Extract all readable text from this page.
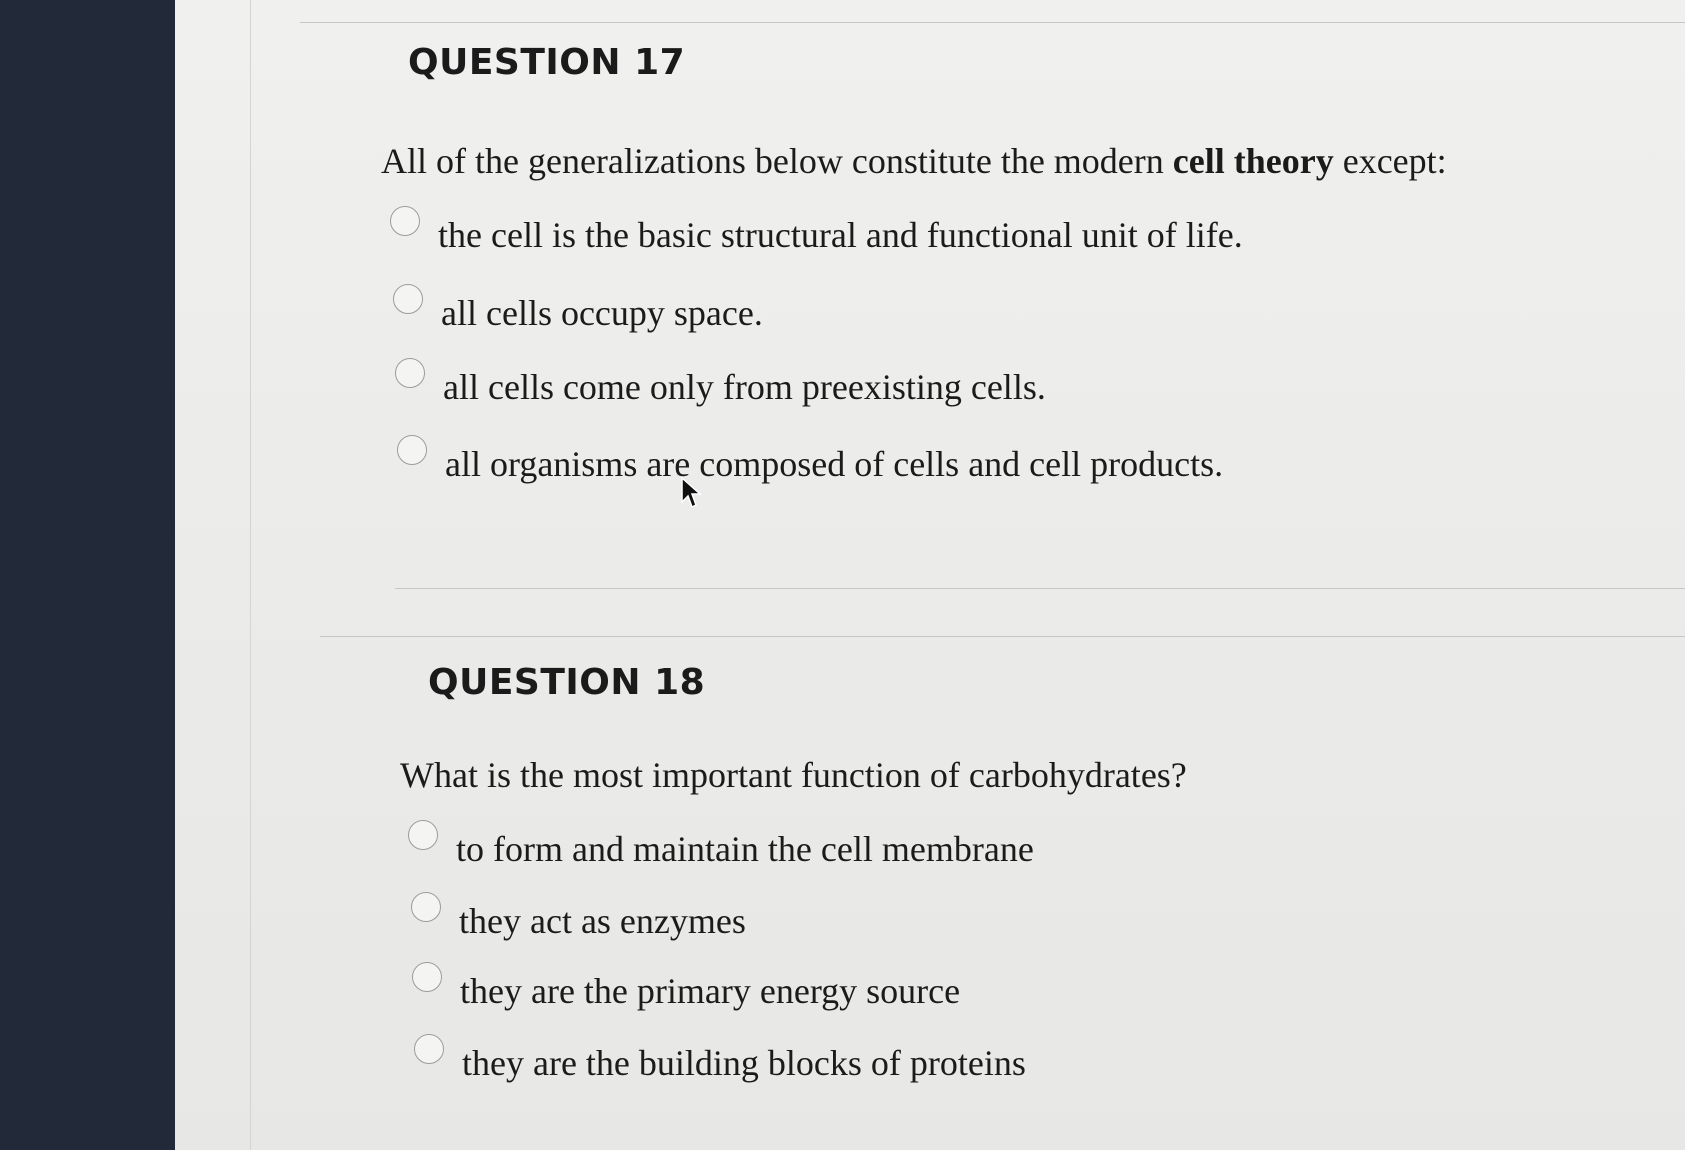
QUESTION 17
All of the generalizations below constitute the modern cell theory except:
the cell is the basic structural and functional unit of life.
all cells occupy space.
all cells come only from preexisting cells.
all organisms are composed of cells and cell products.
QUESTION 18
What is the most important function of carbohydrates?
to form and maintain the cell membrane
they act as enzymes
they are the primary energy source
they are the building blocks of proteins
